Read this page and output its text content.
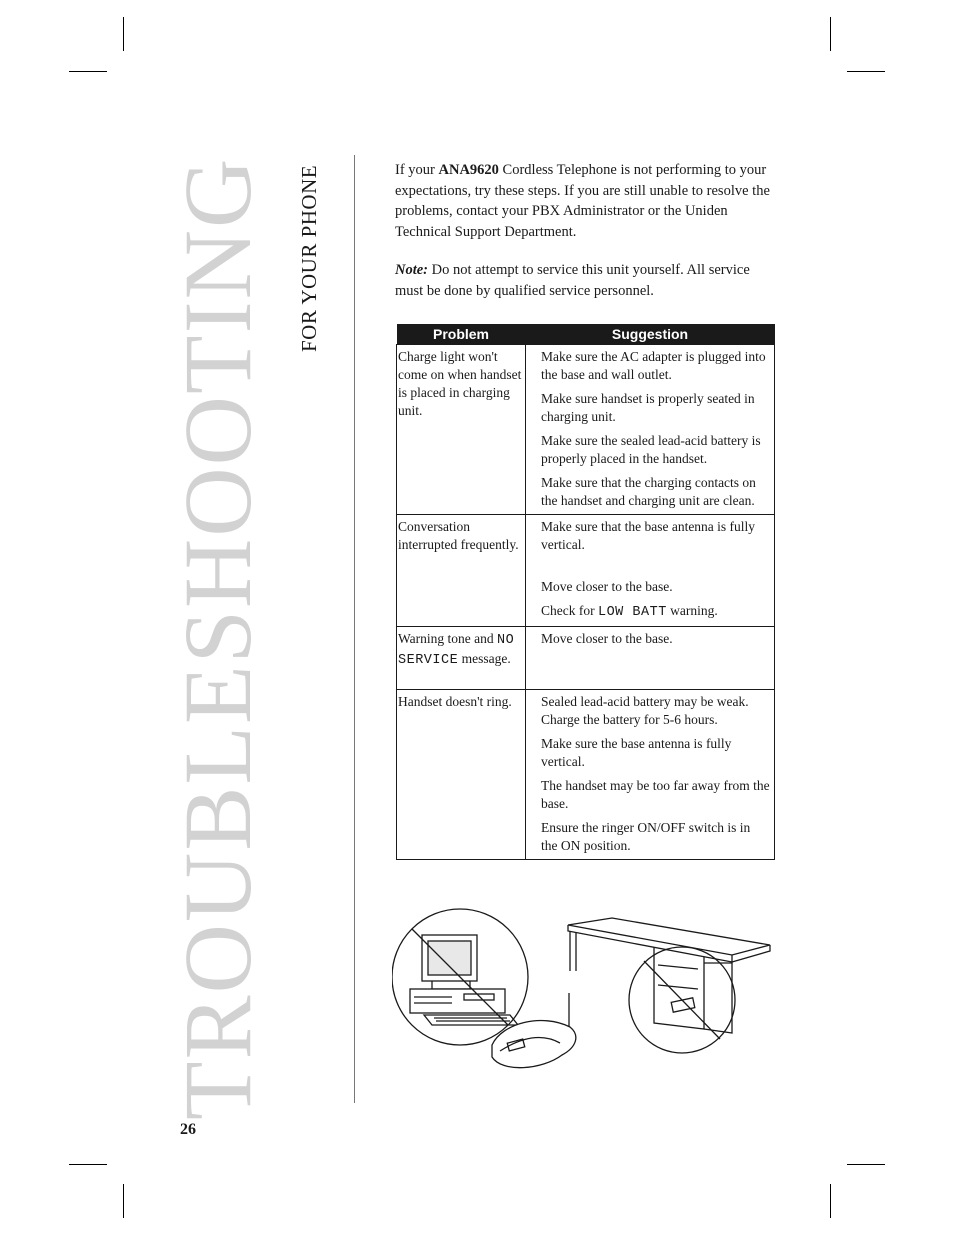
TROUBLESHOOTING FOR YOUR PHONE	If your ANA9620 Cordless Telephone is not performing to your expectations, try these steps. If you are still unable to resolve the problems, contact your PBX Administrator or the Uniden Technical Support Department.
Note: Do not attempt to service this unit yourself. All service must be done by qualified service personnel.
Problem	Suggestion
Charge light won't come on when handset is placed in charging unit.	Make sure the AC adapter is plugged into the base and wall outlet.
Make sure handset is properly seated in charging unit.
Make sure the sealed lead-acid battery is properly placed in the handset.
Make sure that the charging contacts on the handset and charging unit are clean.

Conversation interrupted frequently.	Make sure that the base antenna is fully vertical.
Move closer to the base.
Check for LOW BATT warning.

Warning tone and NO SERVICE message.	Move closer to the base.

Handset doesn't ring.	Sealed lead-acid battery may be weak. Charge the battery for 5-6 hours.
Make sure the base antenna is fully vertical.
The handset may be too far away from the base.
Ensure the ringer ON/OFF switch is in the ON position.
26
